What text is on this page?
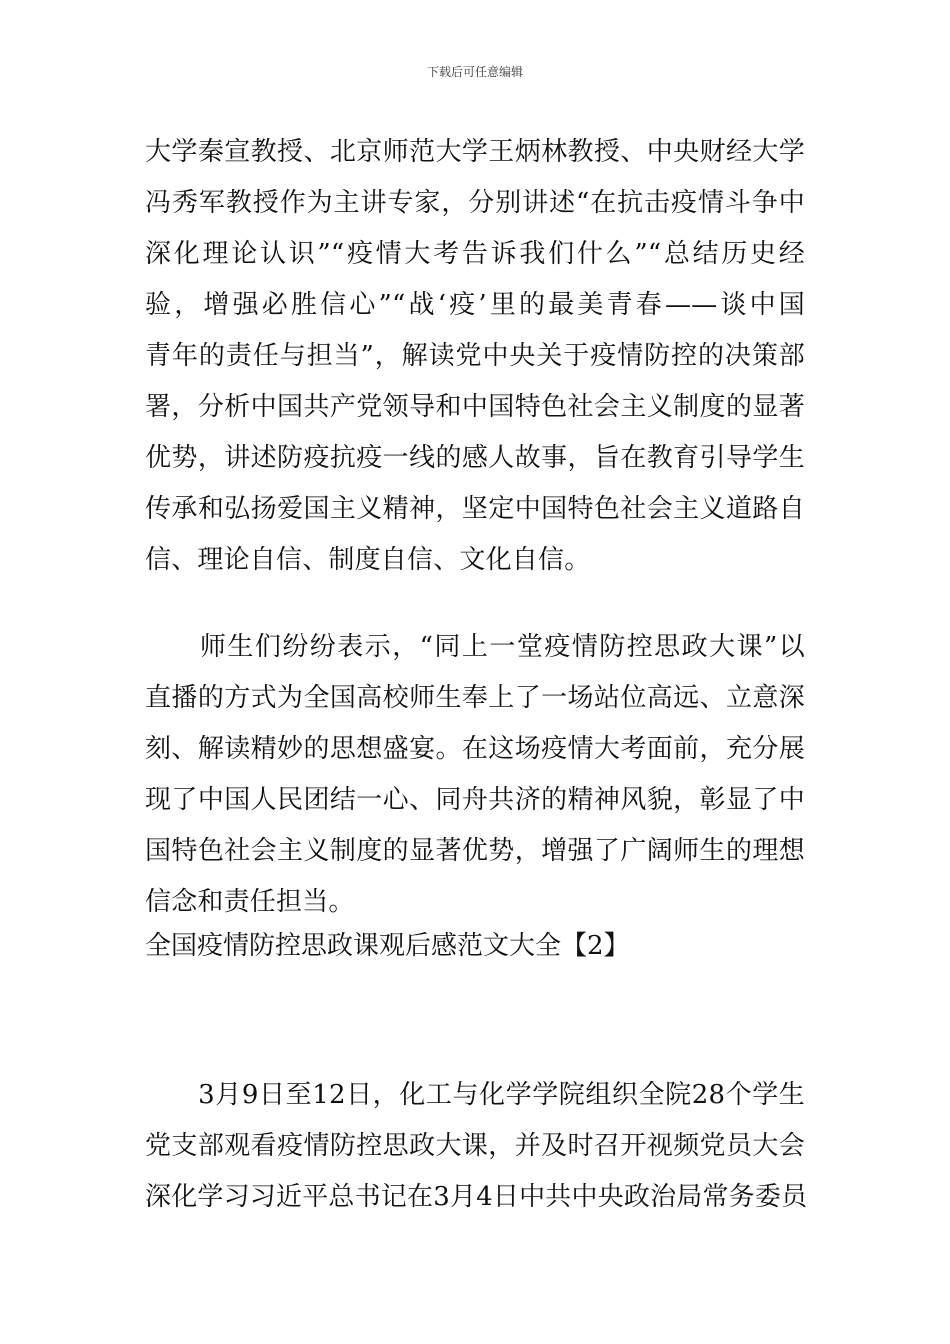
下载后可任意编辑
大学秦宣教授、北京师范大学王炳林教授、中央财经大学
冯秀军教授作为主讲专家，分别讲述“在抗击疫情斗争中
深化理论认识”“疫情大考告诉我们什么”“总结历史经
验，增强必胜信心”“战‘疫’里的最美青春——谈中国
青年的责任与担当”，解读党中央关于疫情防控的决策部
署，分析中国共产党领导和中国特色社会主义制度的显著
优势，讲述防疫抗疫一线的感人故事，旨在教育引导学生
传承和弘扬爱国主义精神，坚定中国特色社会主义道路自
信、理论自信、制度自信、文化自信。
　　师生们纷纷表示，“同上一堂疫情防控思政大课”以
直播的方式为全国高校师生奉上了一场站位高远、立意深
刻、解读精妙的思想盛宴。在这场疫情大考面前，充分展
现了中国人民团结一心、同舟共济的精神风貌，彰显了中
国特色社会主义制度的显著优势，增强了广阔师生的理想
信念和责任担当。
全国疫情防控思政课观后感范文大全【2】
　　3月9日至12日，化工与化学学院组织全院28个学生
党支部观看疫情防控思政大课，并及时召开视频党员大会
深化学习习近平总书记在3月4日中共中央政治局常务委员
